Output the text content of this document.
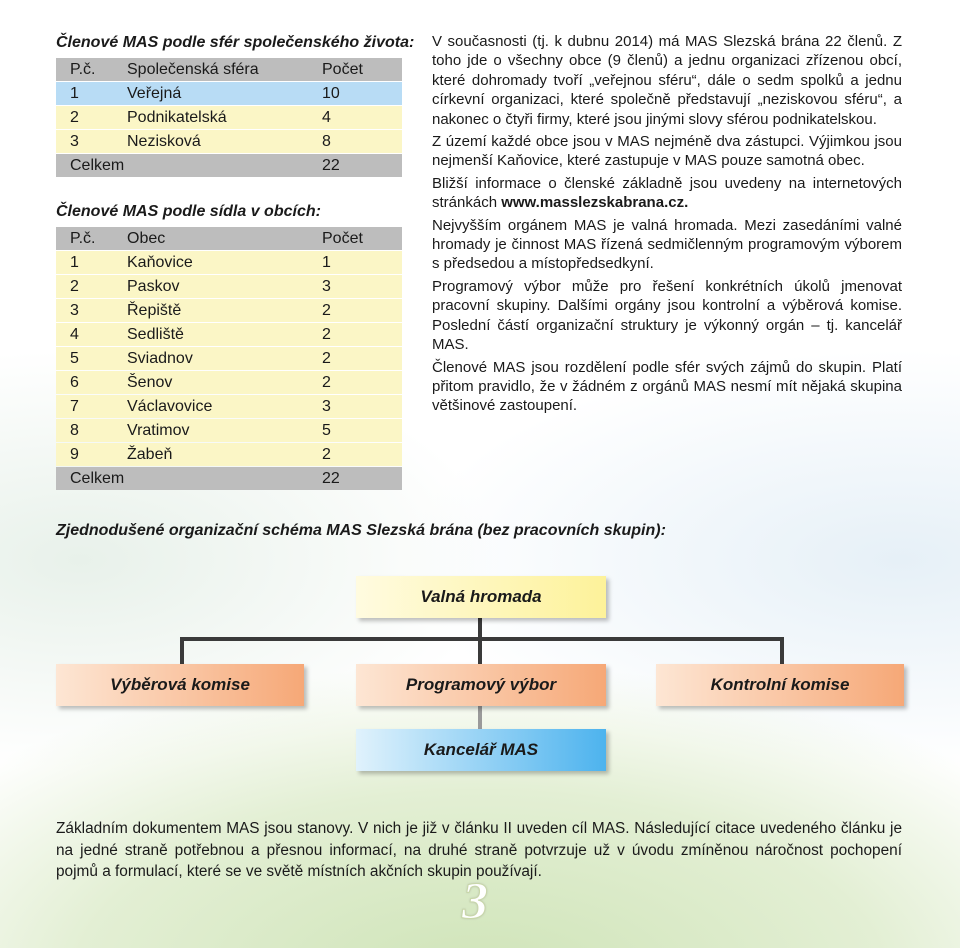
Členové MAS podle sfér společenského života:
P.č.	Společenská sféra	Počet
1	Veřejná	10
2	Podnikatelská	4
3	Nezisková	8
Celkem		22
Členové MAS podle sídla v obcích:
P.č.	Obec	Počet
1	Kaňovice	1
2	Paskov	3
3	Řepiště	2
4	Sedliště	2
5	Sviadnov	2
6	Šenov	2
7	Václavovice	3
8	Vratimov	5
9	Žabeň	2
Celkem		22

V současnosti (tj. k dubnu 2014) má MAS Slezská brána 22 členů. Z toho jde o všechny obce (9 členů) a jednu organizaci zřízenou obcí, které dohromady tvoří „veřejnou sféru“, dále o sedm spolků a jednu církevní organizaci, které společně představují „neziskovou sféru“, a nakonec o čtyři firmy, které jsou jinými slovy sférou podnikatelskou.

Z území každé obce jsou v MAS nejméně dva zástupci. Výjimkou jsou nejmenší Kaňovice, které zastupuje v MAS pouze samotná obec.

Bližší informace o členské základně jsou uvedeny na internetových stránkách www.masslezskabrana.cz.

Nejvyšším orgánem MAS je valná hromada. Mezi zasedáními valné hromady je činnost MAS řízená sedmičlenným programovým výborem s předsedou a místopředsedkyní.

Programový výbor může pro řešení konkrétních úkolů jmenovat pracovní skupiny. Dalšími orgány jsou kontrolní a výběrová komise. Poslední částí organizační struktury je výkonný orgán – tj. kancelář MAS.

Členové MAS jsou rozdělení podle sfér svých zájmů do skupin. Platí přitom pravidlo, že v žádném z orgánů MAS nesmí mít nějaká skupina většinové zastoupení.

Zjednodušené organizační schéma MAS Slezská brána (bez pracovních skupin):
Valná hromada
Výběrová komise	Programový výbor	Kontrolní komise
Kancelář MAS

Základním dokumentem MAS jsou stanovy. V nich je již v článku II uveden cíl MAS. Následující citace uvedeného článku je na jedné straně potřebnou a přesnou informací, na druhé straně potvrzuje už v úvodu zmíněnou náročnost pochopení pojmů a formulací, které se ve světě místních akčních skupin používají.

3
